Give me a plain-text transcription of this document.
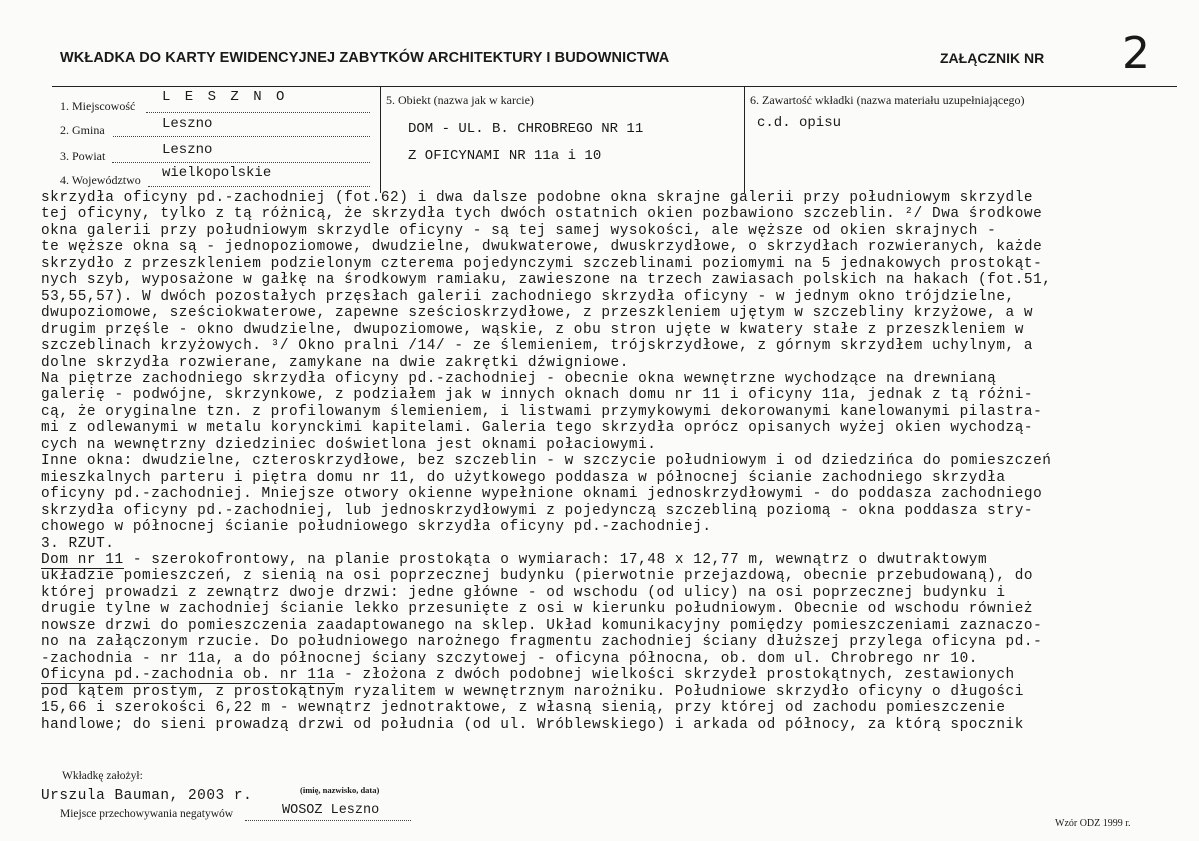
WKŁADKA DO KARTY EWIDENCYJNEJ ZABYTKÓW ARCHITEKTURY I BUDOWNICTWA	ZAŁĄCZNIK NR 2
1. Miejscowość
L E S Z N O
2. Gmina	Leszno
3. Powiat	Leszno
4. Województwo wielkopolskie
5. Obiekt (nazwa jak w karcie)
DOM - UL. B. CHROBREGO NR 11
Z OFICYNAMI NR 11a i 10
6. Zawartość wkładki (nazwa materiału uzupełniającego)
c.d. opisu
skrzydła oficyny pd.-zachodniej (fot.62) i dwa dalsze podobne okna skrajne galerii przy południowym skrzydle
tej oficyny, tylko z tą różnicą, że skrzydła tych dwóch ostatnich okien pozbawiono szczeblin. ²/ Dwa środkowe
okna galerii przy południowym skrzydle oficyny - są tej samej wysokości, ale węższe od okien skrajnych -
te węższe okna są - jednopoziomowe, dwudzielne, dwukwaterowe, dwuskrzydłowe, o skrzydłach rozwieranych, każde
skrzydło z przeszkleniem podzielonym czterema pojedynczymi szczeblinami poziomymi na 5 jednakowych prostokąt-
nych szyb, wyposażone w gałkę na środkowym ramiaku, zawieszone na trzech zawiasach polskich na hakach (fot.51,
53,55,57). W dwóch pozostałych przęsłach galerii zachodniego skrzydła oficyny - w jednym okno trójdzielne,
dwupoziomowe, sześciokwaterowe, zapewne sześcioskrzydłowe, z przeszkleniem ujętym w szczebliny krzyżowe, a w
drugim przęśle - okno dwudzielne, dwupoziomowe, wąskie, z obu stron ujęte w kwatery stałe z przeszkleniem w
szczeblinach krzyżowych. ³/ Okno pralni /14/ - ze ślemieniem, trójskrzydłowe, z górnym skrzydłem uchylnym, a
dolne skrzydła rozwierane, zamykane na dwie zakrętki dźwigniowe.
Na piętrze zachodniego skrzydła oficyny pd.-zachodniej - obecnie okna wewnętrzne wychodzące na drewnianą
galerię - podwójne, skrzynkowe, z podziałem jak w innych oknach domu nr 11 i oficyny 11a, jednak z tą różni-
cą, że oryginalne tzn. z profilowanym ślemieniem, i listwami przymykowymi dekorowanymi kanelowanymi pilastra-
mi z odlewanymi w metalu korynckimi kapitelami. Galeria tego skrzydła oprócz opisanych wyżej okien wychodzą-
cych na wewnętrzny dziedziniec doświetlona jest oknami połaciowymi.
Inne okna: dwudzielne, czteroskrzydłowe, bez szczeblin - w szczycie południowym i od dziedzińca do pomieszczeń
mieszkalnych parteru i piętra domu nr 11, do użytkowego poddasza w północnej ścianie zachodniego skrzydła
oficyny pd.-zachodniej. Mniejsze otwory okienne wypełnione oknami jednoskrzydłowymi - do poddasza zachodniego
skrzydła oficyny pd.-zachodniej, lub jednoskrzydłowymi z pojedynczą szczebliną poziomą - okna poddasza stry-
chowego w północnej ścianie południowego skrzydła oficyny pd.-zachodniej.
3. RZUT.
Dom nr 11 - szerokofrontowy, na planie prostokąta o wymiarach: 17,48 x 12,77 m, wewnątrz o dwutraktowym
układzie pomieszczeń, z sienią na osi poprzecznej budynku (pierwotnie przejazdową, obecnie przebudowaną), do
której prowadzi z zewnątrz dwoje drzwi: jedne główne - od wschodu (od ulicy) na osi poprzecznej budynku i
drugie tylne w zachodniej ścianie lekko przesunięte z osi w kierunku południowym. Obecnie od wschodu również
nowsze drzwi do pomieszczenia zaadaptowanego na sklep. Układ komunikacyjny pomiędzy pomieszczeniami zaznaczo-
no na załączonym rzucie. Do południowego narożnego fragmentu zachodniej ściany dłuższej przylega oficyna pd.-
-zachodnia - nr 11a, a do północnej ściany szczytowej - oficyna północna, ob. dom ul. Chrobrego nr 10.
Oficyna pd.-zachodnia ob. nr 11a - złożona z dwóch podobnej wielkości skrzydeł prostokątnych, zestawionych
pod kątem prostym, z prostokątnym ryzalitem w wewnętrznym narożniku. Południowe skrzydło oficyny o długości
15,66 i szerokości 6,22 m - wewnątrz jednotraktowe, z własną sienią, przy której od zachodu pomieszczenie
handlowe; do sieni prowadzą drzwi od południa (od ul. Wróblewskiego) i arkada od północy, za którą spocznik
Wkładkę założył:
Urszula Bauman, 2003 r.	(imię, nazwisko, data)
Miejsce przechowywania negatywów	WOSOZ Leszno
Wzór ODZ 1999 r.
